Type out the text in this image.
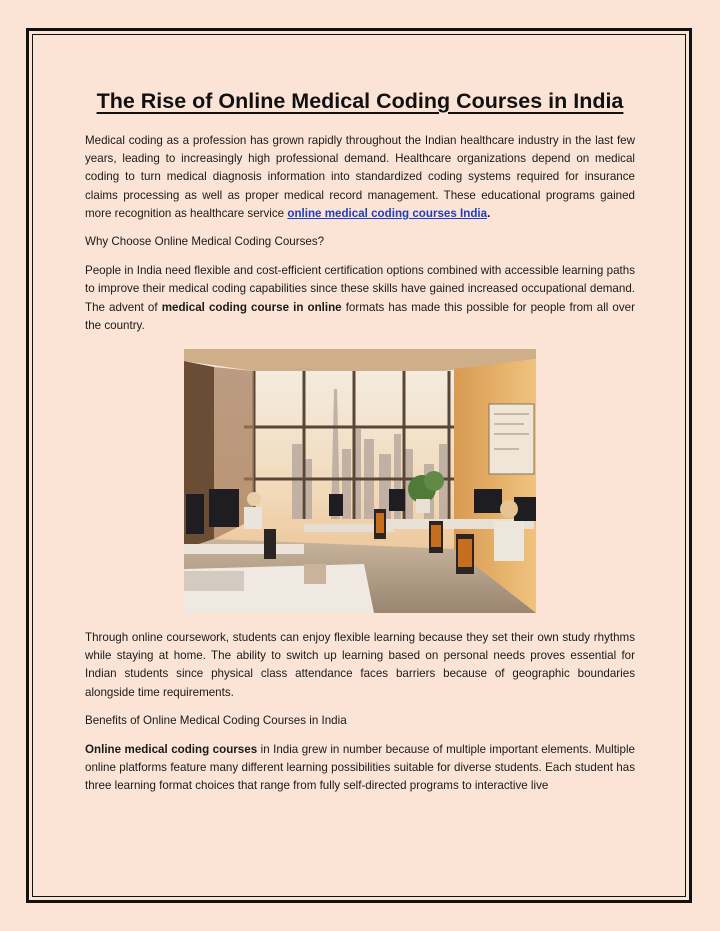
The Rise of Online Medical Coding Courses in India

Medical coding as a profession has grown rapidly throughout the Indian healthcare industry in the last few years, leading to increasingly high professional demand. Healthcare organizations depend on medical coding to turn medical diagnosis information into standardized coding systems required for insurance claims processing as well as proper medical record management. These educational programs gained more recognition as healthcare service online medical coding courses India.

Why Choose Online Medical Coding Courses?

People in India need flexible and cost-efficient certification options combined with accessible learning paths to improve their medical coding capabilities since these skills have gained increased occupational demand. The advent of medical coding course in online formats has made this possible for people from all over the country.

Through online coursework, students can enjoy flexible learning because they set their own study rhythms while staying at home. The ability to switch up learning based on personal needs proves essential for Indian students since physical class attendance faces barriers because of geographic boundaries alongside time requirements.

Benefits of Online Medical Coding Courses in India

Online medical coding courses in India grew in number because of multiple important elements. Multiple online platforms feature many different learning possibilities suitable for diverse students. Each student has three learning format choices that range from fully self-directed programs to interactive live
